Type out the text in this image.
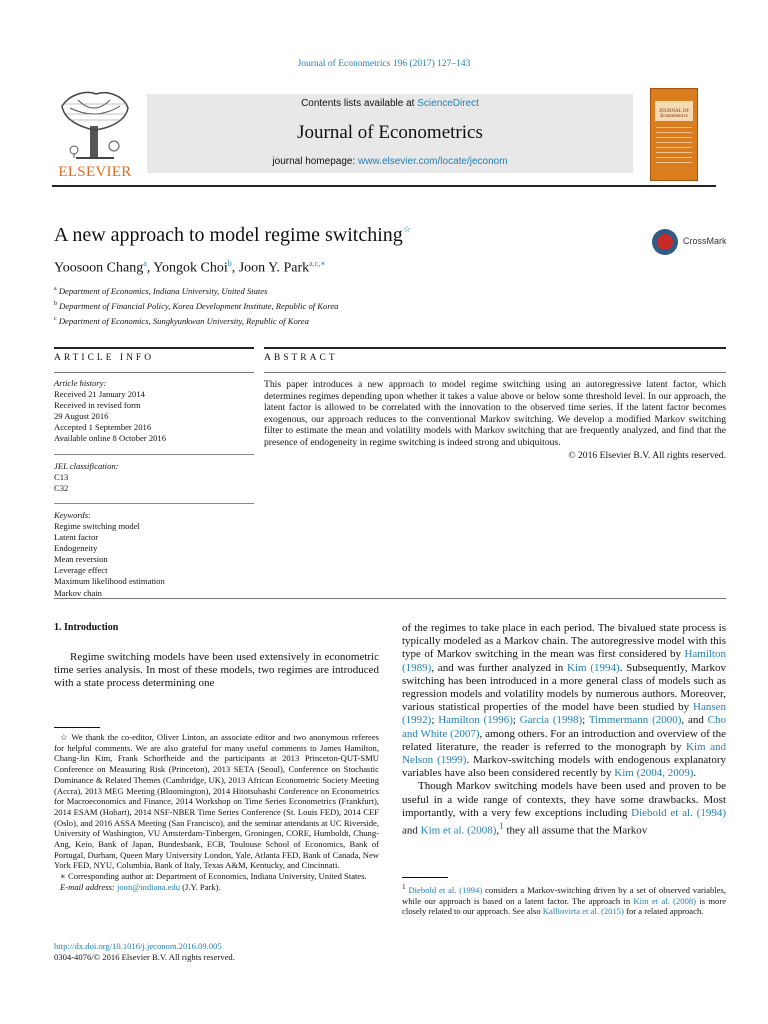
Journal of Econometrics 196 (2017) 127–143
ELSEVIER
Contents lists available at ScienceDirect
Journal of Econometrics
journal homepage: www.elsevier.com/locate/jeconom
JOURNAL OF Econometrics
A new approach to model regime switching☆
CrossMark
Yoosoon Chang$^a$, Yongok Choi$^b$, Joon Y. Park$^{a,c,∗}$
$^a$ Department of Economics, Indiana University, United States
$^b$ Department of Financial Policy, Korea Development Institute, Republic of Korea
$^c$ Department of Economics, Sungkyunkwan University, Republic of Korea
ARTICLE INFO	ABSTRACT
Article history:
Received 21 January 2014
Received in revised form
29 August 2016
Accepted 1 September 2016
Available online 8 October 2016
JEL classification:
C13
C32
Keywords:
Regime switching model
Latent factor
Endogeneity
Mean reversion
Leverage effect
Maximum likelihood estimation
Markov chain
This paper introduces a new approach to model regime switching using an autoregressive latent factor, which determines regimes depending upon whether it takes a value above or below some threshold level. In our approach, the latent factor is allowed to be correlated with the innovation to the observed time series. If the latent factor becomes exogenous, our approach reduces to the conventional Markov switching. We develop a modified Markov switching filter to estimate the mean and volatility models with Markov switching that are frequently analyzed, and find that the presence of endogeneity in regime switching is indeed strong and ubiquitous.
© 2016 Elsevier B.V. All rights reserved.
1. Introduction
Regime switching models have been used extensively in econometric time series analysis. In most of these models, two regimes are introduced with a state process determining one

of the regimes to take place in each period. The bivalued state process is typically modeled as a Markov chain. The autoregressive model with this type of Markov switching in the mean was first considered by Hamilton (1989), and was further analyzed in Kim (1994). Subsequently, Markov switching has been introduced in a more general class of models such as regression models and volatility models by numerous authors. Moreover, various statistical properties of the model have been studied by Hansen (1992); Hamilton (1996); Garcia (1998); Timmermann (2000), and Cho and White (2007), among others. For an introduction and overview of the related literature, the reader is referred to the monograph by Kim and Nelson (1999). Markov-switching models with endogenous explanatory variables have also been considered recently by Kim (2004, 2009).

Though Markov switching models have been used and proven to be useful in a wide range of contexts, they have some drawbacks. Most importantly, with a very few exceptions including Diebold et al. (1994) and Kim et al. (2008),$^1$ they all assume that the Markov

☆ We thank the co-editor, Oliver Linton, an associate editor and two anonymous referees for helpful comments. We are also grateful for many useful comments to James Hamilton, Chang-Jin Kim, Frank Schorfheide and the participants at 2013 Princeton-QUT-SMU Conference on Measuring Risk (Princeton), 2013 SETA (Seoul), Conference on Stochastic Dominance & Related Themes (Cambridge, UK), 2013 African Econometric Society Meeting (Accra), 2013 MEG Meeting (Bloomington), 2014 Hitotsubashi Conference on Econometrics for Macroeconomics and Finance, 2014 Workshop on Time Series Econometrics (Frankfurt), 2014 ESAM (Hobart), 2014 NSF-NBER Time Series Conference (St. Louis FED), 2014 CEF (Oslo), and 2016 ASSA Meeting (San Francisco), and the seminar attendants at UC Riverside, University of Washington, VU Amsterdam-Tinbergen, Groningen, CORE, Humboldt, Chung-Ang, Keio, Bank of Japan, Bundesbank, ECB, Toulouse School of Economics, Bank of Portugal, Durham, Queen Mary University London, Yale, Atlanta FED, Bank of Canada, New York FED, NYU, Columbia, Bank of Italy, Texas A&M, Kentucky, and Cincinnati.

∗ Corresponding author at: Department of Economics, Indiana University, United States.

E-mail address: joon@indiana.edu (J.Y. Park).

http://dx.doi.org/10.1016/j.jeconom.2016.09.005
0304-4076/© 2016 Elsevier B.V. All rights reserved.

$^1$ Diebold et al. (1994) considers a Markov-switching driven by a set of observed variables, while our approach is based on a latent factor. The approach in Kim et al. (2008) is more closely related to our approach. See also Kalliovirta et al. (2015) for a related approach.
